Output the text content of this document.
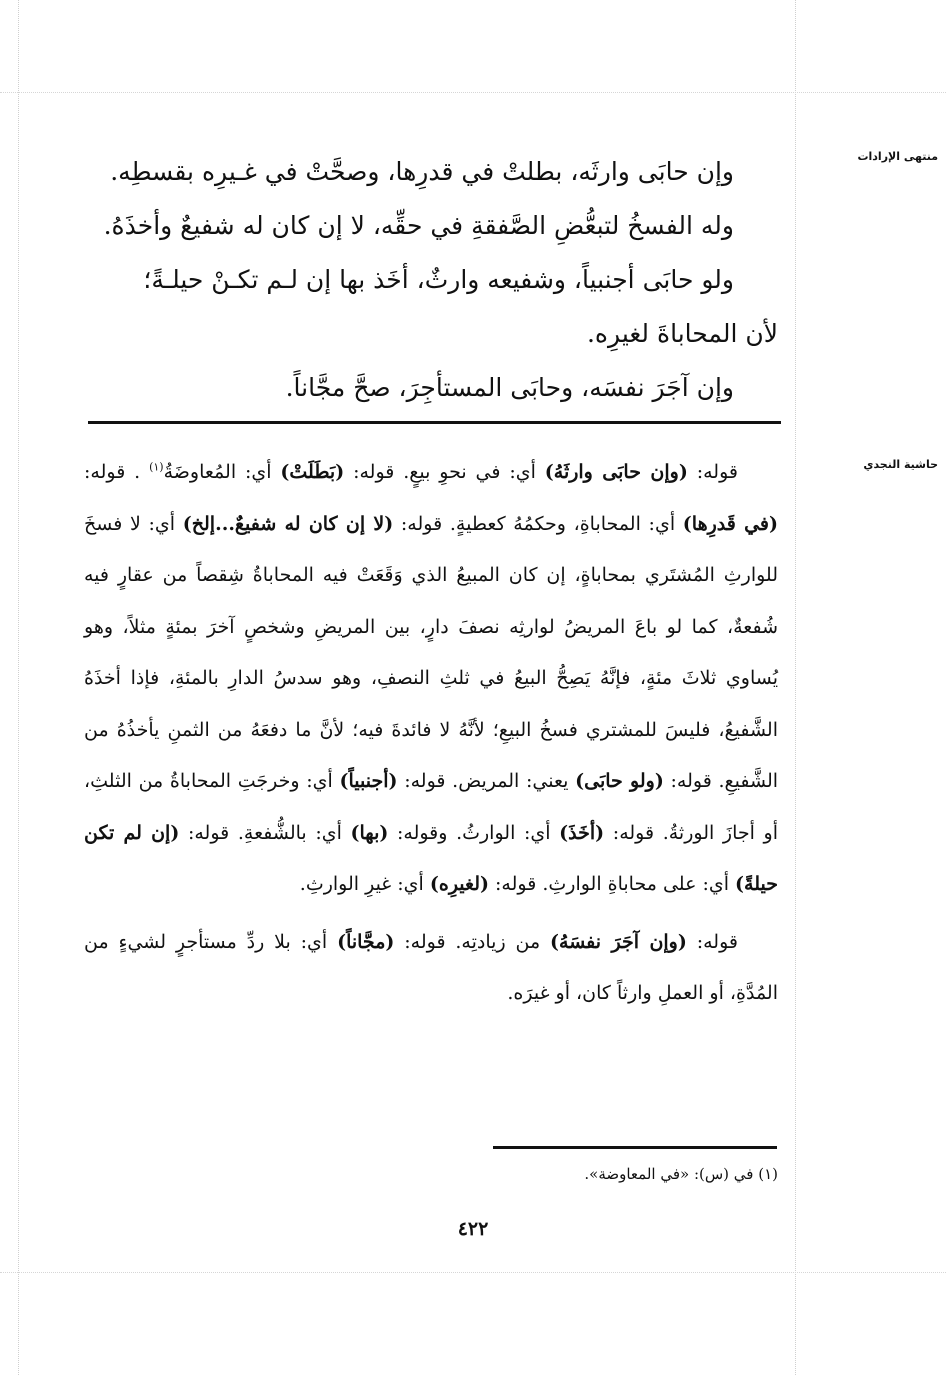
منتهى الإرادات
حاشية النجدي

وإن حابَى وارثَه، بطلتْ في قدرِها، وصحَّتْ في غـيرِه بقسطِه.

وله الفسخُ لتبعُّضِ الصَّفقةِ في حقِّه، لا إن كان له شفيعٌ وأخذَهُ.

ولو حابَى أجنبياً، وشفيعه وارثٌ، أخَذ بها إن لـم تكـنْ حيلـةً؛

لأن المحاباةَ لغيرِه.

وإن آجَرَ نفسَه، وحابَى المستأجِرَ، صحَّ مجَّاناً.

قوله: (وإن حابَى وارثَهُ) أي: في نحوِ بيعٍ. قوله: (بَطَلَتْ) أي: المُعاوضَةُ$^{(١)}$ . قوله: (في قَدرِها) أي: المحاباةِ، وحكمُهُ كعطيةٍ. قوله: (لا إن كان له شفيعٌ...إلخ) أي: لا فسخَ للوارثِ المُشتَري بمحاباةٍ، إن كان المبيعُ الذي وَقَعَتْ فيه المحاباةُ شِقصاً من عقارٍ فيه شُفعةٌ، كما لو باعَ المريضُ لوارثِه نصفَ دارٍ، بين المريضِ وشخصٍ آخرَ بمئةٍ مثلاً، وهو يُساوي ثلاثَ مئةٍ، فإنَّهُ يَصِحُّ البيعُ في ثلثِ النصفِ، وهو سدسُ الدارِ بالمئةِ، فإذا أخذَهُ الشَّفيعُ، فليسَ للمشتري فسخُ البيعِ؛ لأنَّهُ لا فائدةَ فيه؛ لأنَّ ما دفعَهُ من الثمنِ يأخذُهُ من الشَّفيعِ. قوله: (ولو حابَى) يعني: المريض. قوله: (أجنبياً) أي: وخرجَتِ المحاباةُ من الثلثِ، أو أجازَ الورثةُ. قوله: (أخَذَ) أي: الوارثُ. وقوله: (بها) أي: بالشُّفعةِ. قوله: (إن لم تكن حيلةً) أي: على محاباةِ الوارثِ. قوله: (لغيرِه) أي: غيرِ الوارثِ.

قوله: (وإن آجَرَ نفسَهُ) من زيادتِه. قوله: (مجَّاناً) أي: بلا ردِّ مستأجرٍ لشيءٍ من المُدَّةِ، أو العملِ وارثاً كان، أو غيرَه.

(١) في (س): «في المعاوضة».
٤٢٢
